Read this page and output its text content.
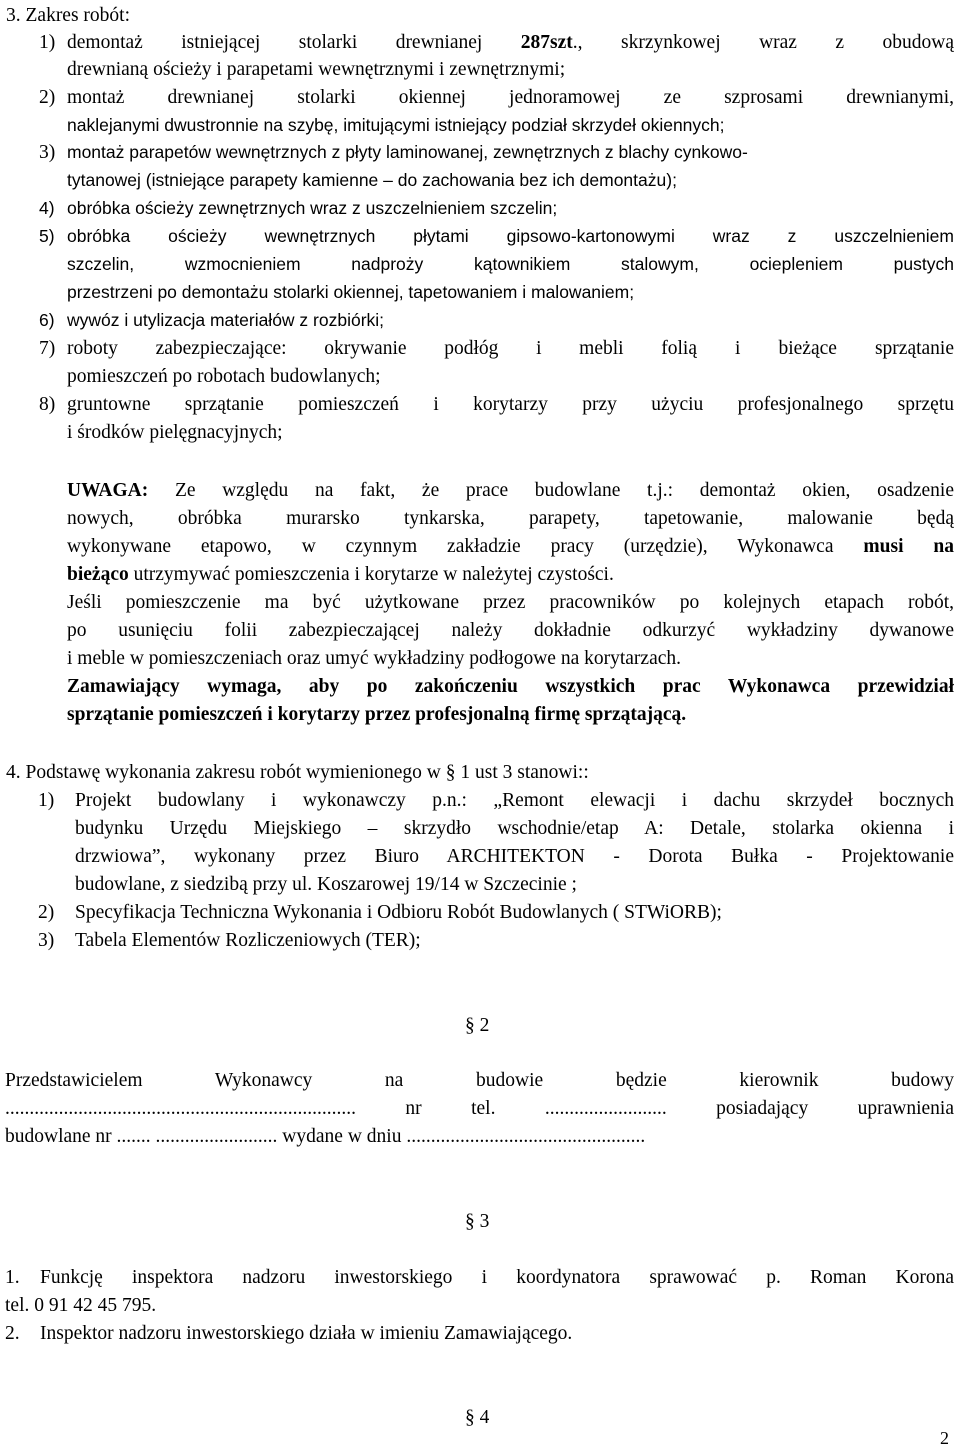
3. Zakres robót:
1) demontaż istniejącej stolarki drewnianej 287szt., skrzynkowej wraz z obudową
drewnianą ościeży i parapetami wewnętrznymi i zewnętrznymi;
2) montaż drewnianej stolarki okiennej jednoramowej ze szprosami drewnianymi,
naklejanymi dwustronnie na szybę, imitującymi istniejący podział skrzydeł okiennych;
3) montaż parapetów wewnętrznych z płyty laminowanej, zewnętrznych z blachy cynkowo-
tytanowej (istniejące parapety kamienne – do zachowania bez ich demontażu);
4) obróbka ościeży zewnętrznych wraz z uszczelnieniem szczelin;
5) obróbka ościeży wewnętrznych płytami gipsowo-kartonowymi wraz z uszczelnieniem
szczelin, wzmocnieniem nadproży kątownikiem stalowym, ociepleniem pustych
przestrzeni po demontażu stolarki okiennej, tapetowaniem i malowaniem;
6) wywóz i utylizacja materiałów z rozbiórki;
7) roboty zabezpieczające: okrywanie podłóg i mebli folią i bieżące sprzątanie
pomieszczeń po robotach budowlanych;
8) gruntowne sprzątanie pomieszczeń i korytarzy przy użyciu profesjonalnego sprzętu
i środków pielęgnacyjnych;
UWAGA: Ze względu na fakt, że prace budowlane t.j.: demontaż okien, osadzenie
nowych, obróbka murarsko tynkarska, parapety, tapetowanie, malowanie będą
wykonywane etapowo, w czynnym zakładzie pracy (urzędzie), Wykonawca musi na
bieżąco utrzymywać pomieszczenia i korytarze w należytej czystości.
Jeśli pomieszczenie ma być użytkowane przez pracowników po kolejnych etapach robót,
po usunięciu folii zabezpieczającej należy dokładnie odkurzyć wykładziny dywanowe
i meble w pomieszczeniach oraz umyć wykładziny podłogowe na korytarzach.
Zamawiający wymaga, aby po zakończeniu wszystkich prac Wykonawca przewidział
sprzątanie pomieszczeń i korytarzy przez profesjonalną firmę sprzątającą.
4. Podstawę wykonania zakresu robót wymienionego w § 1 ust 3 stanowi::
1) Projekt budowlany i wykonawczy p.n.: „Remont elewacji i dachu skrzydeł bocznych
budynku Urzędu Miejskiego – skrzydło wschodnie/etap A: Detale, stolarka okienna i
drzwiowa”, wykonany przez Biuro ARCHITEKTON - Dorota Bułka - Projektowanie
budowlane, z siedzibą przy ul. Koszarowej 19/14 w Szczecinie ;
2) Specyfikacja Techniczna Wykonania i Odbioru Robót Budowlanych ( STWiORB);
3) Tabela Elementów Rozliczeniowych (TER);
§ 2
Przedstawicielem Wykonawcy na budowie będzie kierownik budowy
........................................................................ nr tel. ......................... posiadający uprawnienia
budowlane nr ....... ......................... wydane w dniu .................................................
§ 3
1. Funkcję inspektora nadzoru inwestorskiego i koordynatora sprawować p. Roman Korona
tel. 0 91 42 45 795.
2. Inspektor nadzoru inwestorskiego działa w imieniu Zamawiającego.
§ 4
2
